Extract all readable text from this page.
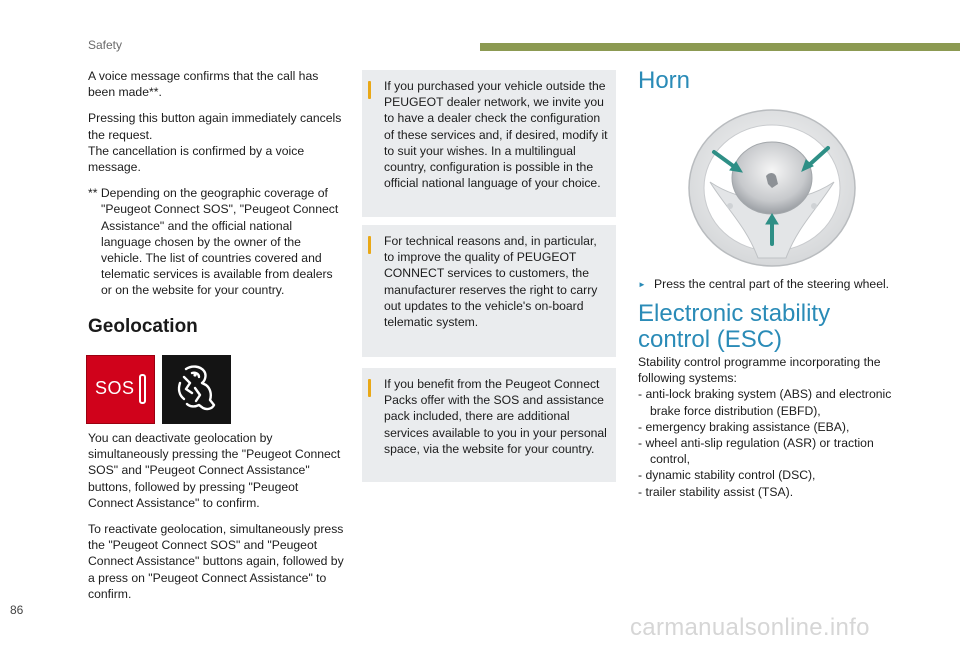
Safety

A voice message confirms that the call has been made**.

Pressing this button again immediately cancels the request.

The cancellation is confirmed by a voice message.

** Depending on the geographic coverage of "Peugeot Connect SOS", "Peugeot Connect Assistance" and the official national language chosen by the owner of the vehicle. The list of countries covered and telematic services is available from dealers or on the website for your country.

Geolocation
SOS

You can deactivate geolocation by simultaneously pressing the "Peugeot Connect SOS" and "Peugeot Connect Assistance" buttons, followed by pressing "Peugeot Connect Assistance" to confirm.

To reactivate geolocation, simultaneously press the "Peugeot Connect SOS" and "Peugeot Connect Assistance" buttons again, followed by a press on "Peugeot Connect Assistance" to confirm.

If you purchased your vehicle outside the PEUGEOT dealer network, we invite you to have a dealer check the configuration of these services and, if desired, modify it to suit your wishes. In a multilingual country, configuration is possible in the official national language of your choice.

For technical reasons and, in particular, to improve the quality of PEUGEOT CONNECT services to customers, the manufacturer reserves the right to carry out updates to the vehicle's on-board telematic system.

If you benefit from the Peugeot Connect Packs offer with the SOS and assistance pack included, there are additional services available to you in your personal space, via the website for your country.

Horn
► Press the central part of the steering wheel.
Electronic stability control (ESC)

Stability control programme incorporating the following systems:

- anti-lock braking system (ABS) and electronic brake force distribution (EBFD),

- emergency braking assistance (EBA),

- wheel anti-slip regulation (ASR) or traction control,

- dynamic stability control (DSC),

- trailer stability assist (TSA).

86
carmanualsonline.info
